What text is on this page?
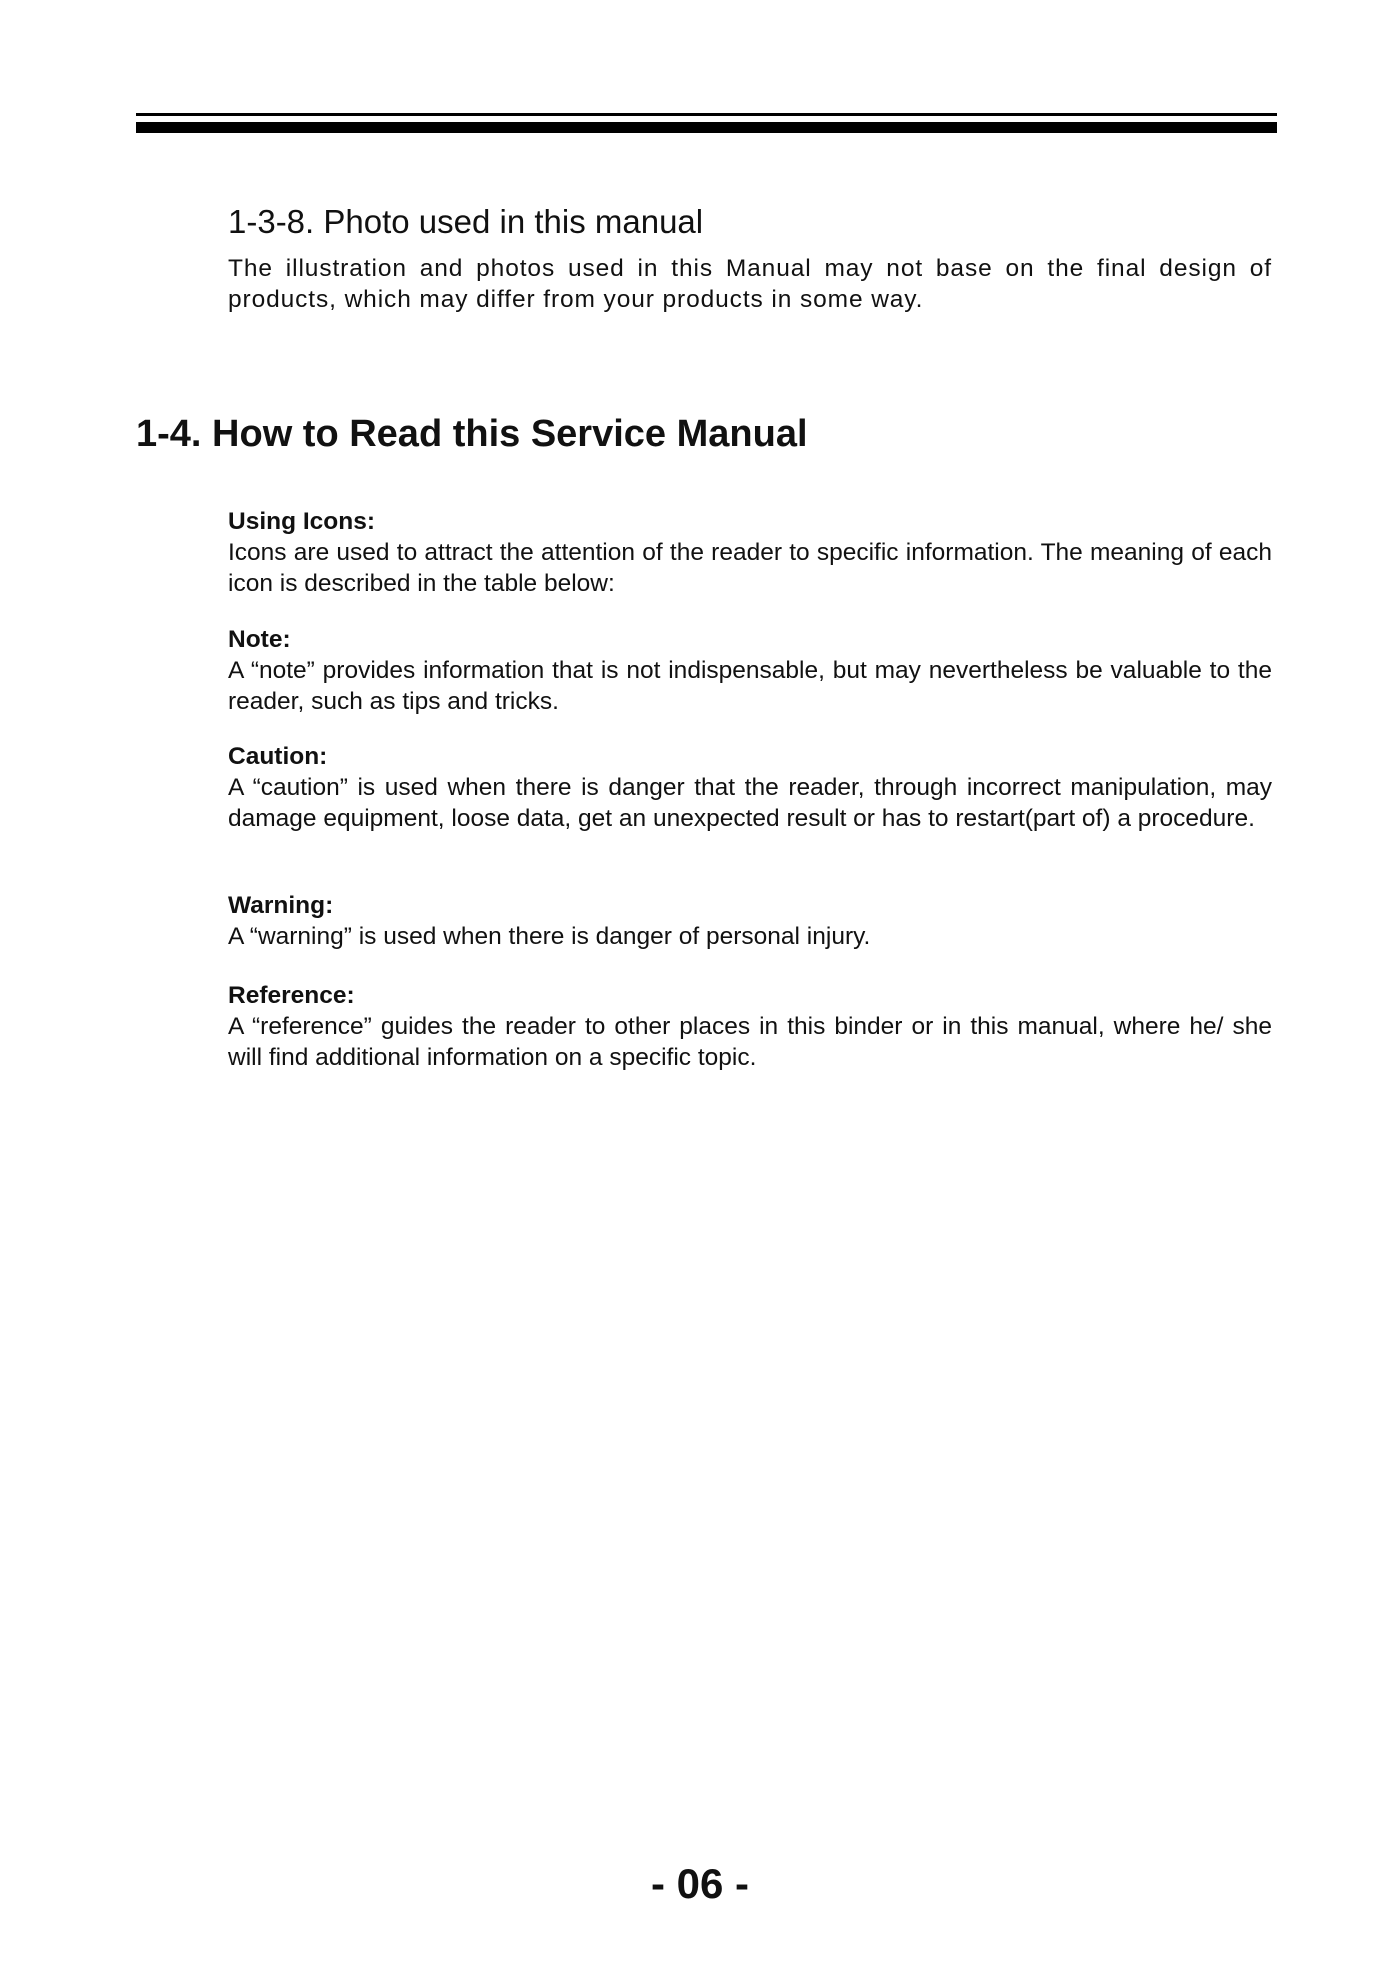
1-3-8. Photo used in this manual

The illustration and photos used in this Manual may not base on the final design of products, which may differ from your products in some way.

1-4. How to Read this Service Manual
Using Icons:

Icons are used to attract the attention of the reader to specific information. The meaning of each icon is described in the table below:

Note:

A “note” provides information that is not indispensable, but may nevertheless be valuable to the reader, such as tips and tricks.

Caution:

A “caution” is used when there is danger that the reader, through incorrect manipulation, may damage equipment, loose data, get an unexpected result or has to restart(part of) a procedure.

Warning:

A “warning” is used when there is danger of personal injury.

Reference:

A “reference” guides the reader to other places in this binder or in this manual, where he/ she will find additional information on a specific topic.

- 06 -
